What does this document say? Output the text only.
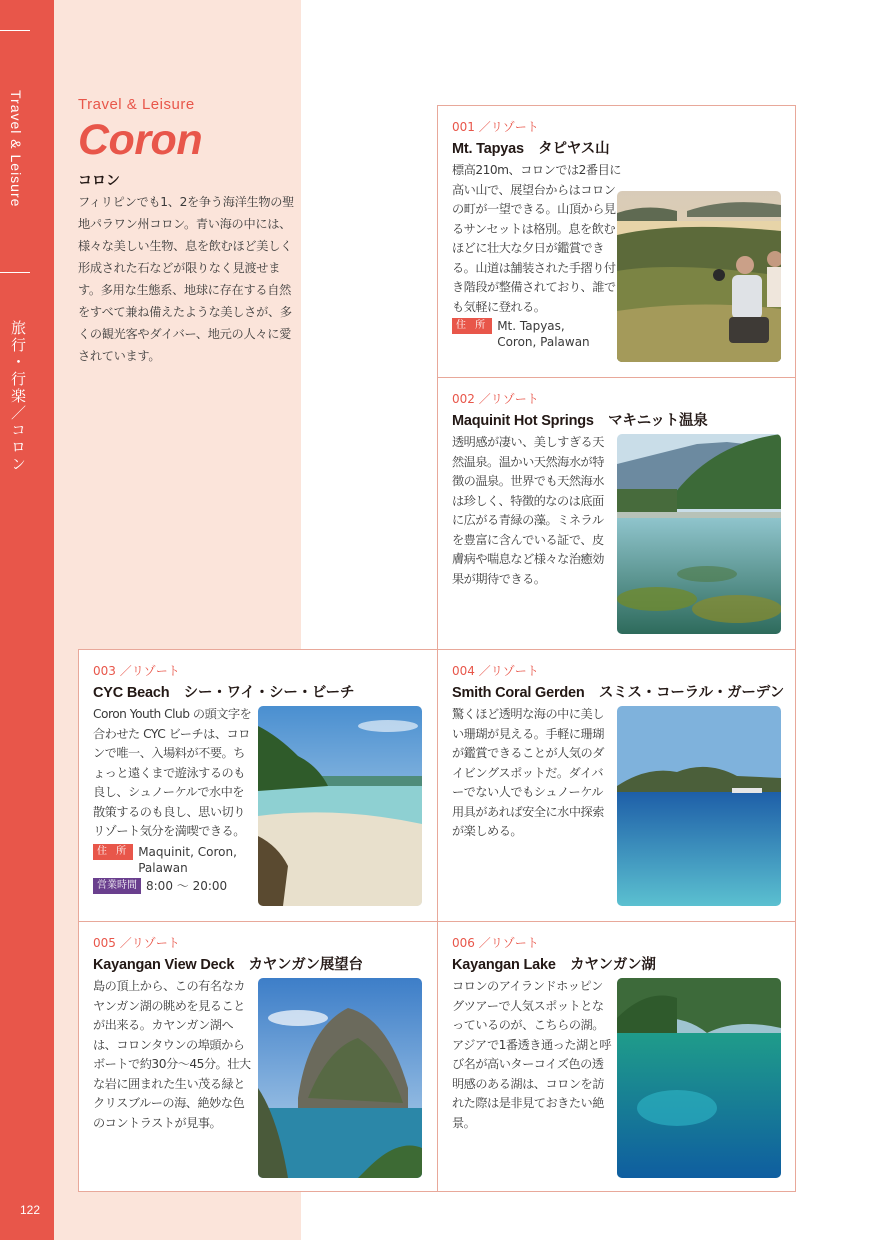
Travel & Leisure
旅行・行楽／コロン
122
Travel & Leisure
Coron
コロン
フィリピンでも1、2を争う海洋生物の聖地パラワン州コロン。青い海の中には、様々な美しい生物、息を飲むほど美しく形成された石などが限りなく見渡せます。多用な生態系、地球に存在する自然をすべて兼ね備えたような美しさが、多くの観光客やダイバー、地元の人々に愛されています。
001 ／リゾート
Mt. Tapyas　タピヤス山
標高210m、コロンでは2番目に高い山で、展望台からはコロンの町が一望できる。山頂から見るサンセットは格別。息を飲むほどに壮大な夕日が鑑賞できる。山道は舗装された手摺り付き階段が整備されており、誰でも気軽に登れる。
住 所 Mt. Tapyas, Coron, Palawan
002 ／リゾート
Maquinit Hot Springs　マキニット温泉
透明感が凄い、美しすぎる天然温泉。温かい天然海水が特徴の温泉。世界でも天然海水は珍しく、特徴的なのは底面に広がる青緑の藻。ミネラルを豊富に含んでいる証で、皮膚病や喘息など様々な治癒効果が期待できる。
003 ／リゾート
CYC Beach　シー・ワイ・シー・ビーチ
Coron Youth Club の頭文字を合わせた CYC ビーチは、コロンで唯一、入場料が不要。ちょっと遠くまで遊泳するのも良し、シュノーケルで水中を散策するのも良し、思い切りリゾート気分を満喫できる。
住 所 Maquinit, Coron, Palawan
営業時間 8:00 〜 20:00
004 ／リゾート
Smith Coral Gerden　スミス・コーラル・ガーデン
驚くほど透明な海の中に美しい珊瑚が見える。手軽に珊瑚が鑑賞できることが人気のダイビングスポットだ。ダイバーでない人でもシュノーケル用具があれば安全に水中探索が楽しめる。
005 ／リゾート
Kayangan View Deck　カヤンガン展望台
島の頂上から、この有名なカヤンガン湖の眺めを見ることが出来る。カヤンガン湖へは、コロンタウンの埠頭からボートで約30分〜45分。壮大な岩に囲まれた生い茂る緑とクリスブルーの海、絶妙な色のコントラストが見事。
006 ／リゾート
Kayangan Lake　カヤンガン湖
コロンのアイランドホッピングツアーで人気スポットとなっているのが、こちらの湖。アジアで1番透き通った湖と呼び名が高いターコイズ色の透明感のある湖は、コロンを訪れた際は是非見ておきたい絶景。
